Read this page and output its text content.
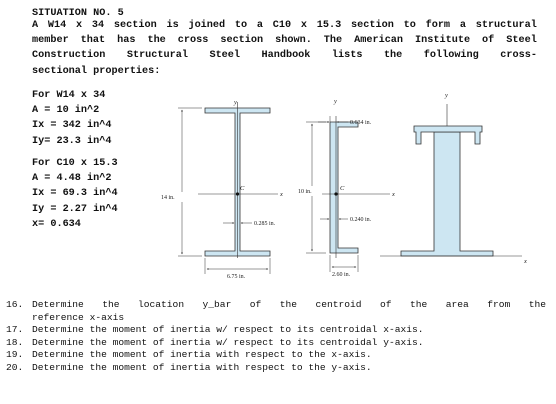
SITUATION NO. 5
A W14 x 34 section is joined to a C10 x 15.3 section to form a structural
member that has the cross section shown. The American Institute of Steel
Construction Structural Steel Handbook lists the following cross-
sectional properties:
For W14 x 34
A = 10 in^2
Ix = 342 in^4
Iy= 23.3 in^4
For C10 x 15.3
A = 4.48 in^2
Ix = 69.3 in^4
Iy = 2.27 in^4
x= 0.634
y
x
C
14 in.
0.285 in.
6.75 in.
y
x
C
0.634 in.
10 in.
0.240 in.
2.60 in.
y
x
16. Determine the location y_bar of the centroid of the area from the
reference x-axis
17. Determine the moment of inertia w/ respect to its centroidal x-axis.
18. Determine the moment of inertia w/ respect to its centroidal y-axis.
19. Determine the moment of inertia with respect to the x-axis.
20. Determine the moment of inertia with respect to the y-axis.
